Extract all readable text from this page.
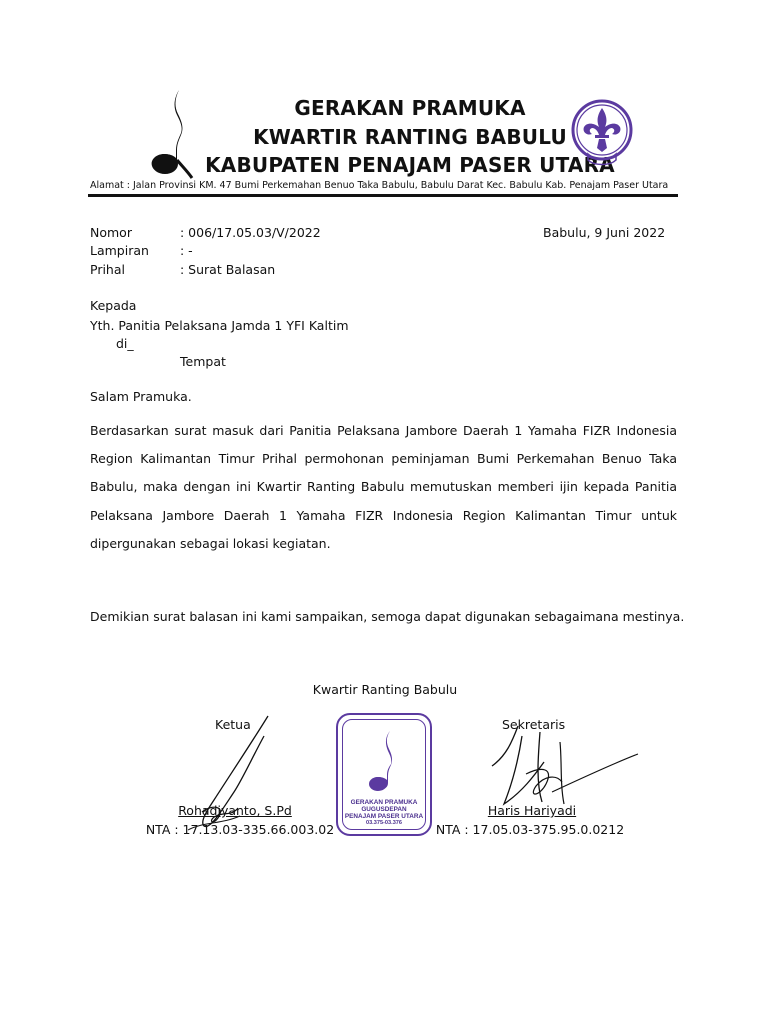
GERAKAN PRAMUKA
KWARTIR RANTING BABULU
KABUPATEN PENAJAM PASER UTARA
Alamat : Jalan Provinsi KM. 47 Bumi Perkemahan Benuo Taka Babulu, Babulu Darat Kec. Babulu Kab. Penajam Paser Utara
Nomor	: 006/17.05.03/V/2022
Lampiran : -
Prihal	: Surat Balasan
Babulu, 9 Juni 2022
Kepada
Yth. Panitia Pelaksana Jamda 1 YFI Kaltim
di_
Tempat
Salam Pramuka.
Berdasarkan surat masuk dari Panitia Pelaksana Jambore Daerah 1 Yamaha FIZR Indonesia Region Kalimantan Timur Prihal permohonan peminjaman Bumi Perkemahan Benuo Taka Babulu, maka dengan ini Kwartir Ranting Babulu memutuskan memberi ijin kepada Panitia Pelaksana Jambore Daerah 1 Yamaha FIZR Indonesia Region Kalimantan Timur untuk dipergunakan sebagai lokasi kegiatan.
Demikian surat balasan ini kami sampaikan, semoga dapat digunakan sebagaimana mestinya.
Kwartir Ranting Babulu
Ketua	Sekretaris
Rohadiyanto, S.Pd	Haris Hariyadi
NTA : 17.13.03-335.66.003.02	NTA : 17.05.03-375.95.0.0212
GERAKAN PRAMUKA
GUGUSDEPAN
PENAJAM PASER UTARA
03.375-03.376
